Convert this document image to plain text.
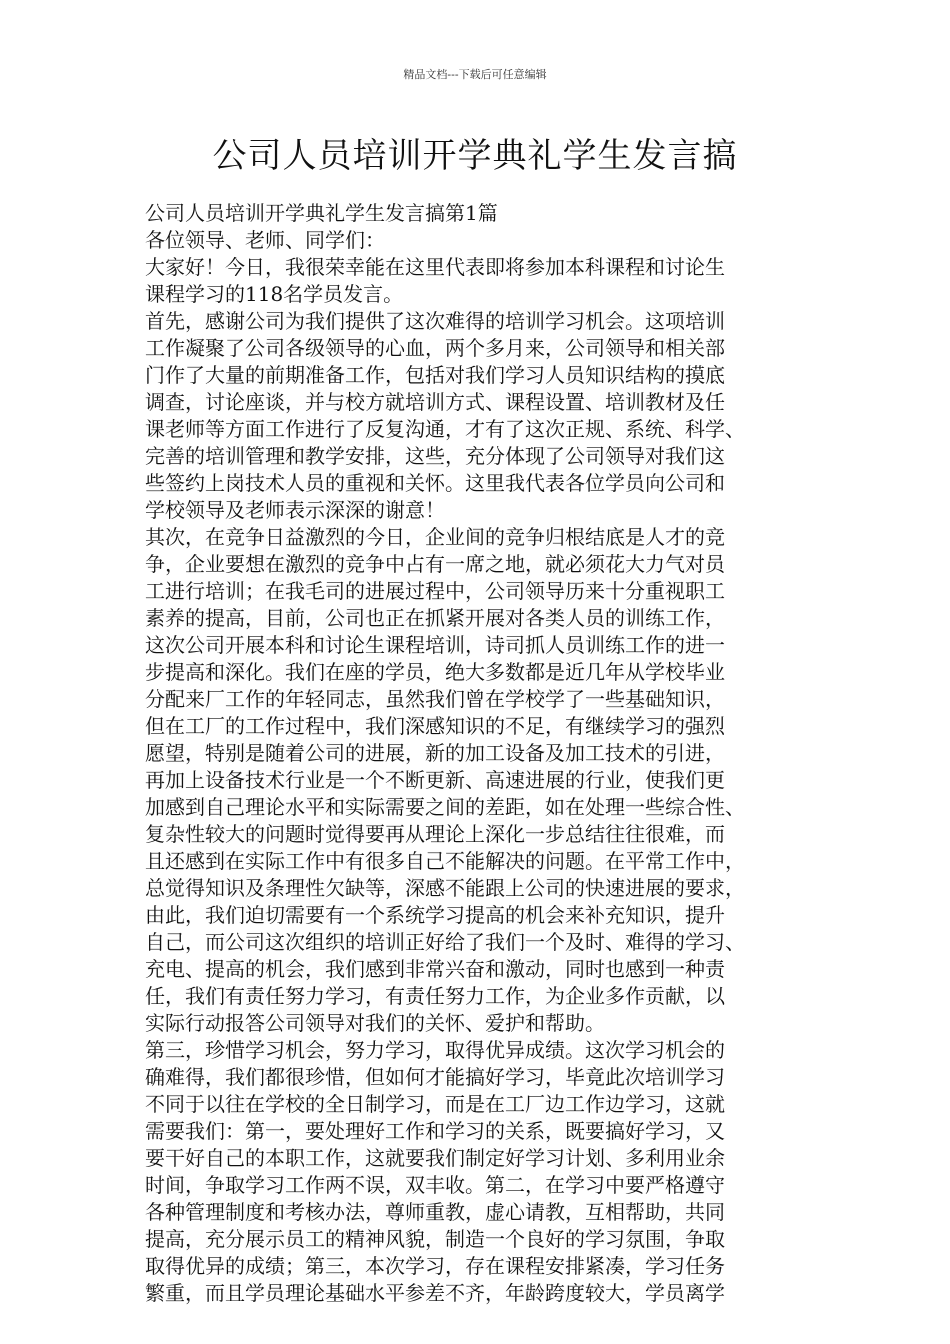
精品文档---下载后可任意编辑
公司人员培训开学典礼学生发言搞
公司人员培训开学典礼学生发言搞第1篇
各位领导、老师、同学们：
大家好！今日，我很荣幸能在这里代表即将参加本科课程和讨论生
课程学习的118名学员发言。
首先，感谢公司为我们提供了这次难得的培训学习机会。这项培训
工作凝聚了公司各级领导的心血，两个多月来，公司领导和相关部
门作了大量的前期准备工作，包括对我们学习人员知识结构的摸底
调查，讨论座谈，并与校方就培训方式、课程设置、培训教材及任
课老师等方面工作进行了反复沟通，才有了这次正规、系统、科学、
完善的培训管理和教学安排，这些，充分体现了公司领导对我们这
些签约上岗技术人员的重视和关怀。这里我代表各位学员向公司和
学校领导及老师表示深深的谢意！
其次，在竞争日益激烈的今日，企业间的竞争归根结底是人才的竞
争，企业要想在激烈的竞争中占有一席之地，就必须花大力气对员
工进行培训；在我毛司的进展过程中，公司领导历来十分重视职工
素养的提高，目前，公司也正在抓紧开展对各类人员的训练工作，
这次公司开展本科和讨论生课程培训，诗司抓人员训练工作的进一
步提高和深化。我们在座的学员，绝大多数都是近几年从学校毕业
分配来厂工作的年轻同志，虽然我们曾在学校学了一些基础知识，
但在工厂的工作过程中，我们深感知识的不足，有继续学习的强烈
愿望，特别是随着公司的进展，新的加工设备及加工技术的引进，
再加上设备技术行业是一个不断更新、高速进展的行业，使我们更
加感到自己理论水平和实际需要之间的差距，如在处理一些综合性、
复杂性较大的问题时觉得要再从理论上深化一步总结往往很难，而
且还感到在实际工作中有很多自己不能解决的问题。在平常工作中，
总觉得知识及条理性欠缺等，深感不能跟上公司的快速进展的要求，
由此，我们迫切需要有一个系统学习提高的机会来补充知识，提升
自己，而公司这次组织的培训正好给了我们一个及时、难得的学习、
充电、提高的机会，我们感到非常兴奋和激动，同时也感到一种责
任，我们有责任努力学习，有责任努力工作，为企业多作贡献，以
实际行动报答公司领导对我们的关怀、爱护和帮助。
第三，珍惜学习机会，努力学习，取得优异成绩。这次学习机会的
确难得，我们都很珍惜，但如何才能搞好学习，毕竟此次培训学习
不同于以往在学校的全日制学习，而是在工厂边工作边学习，这就
需要我们：第一，要处理好工作和学习的关系，既要搞好学习，又
要干好自己的本职工作，这就要我们制定好学习计划、多利用业余
时间，争取学习工作两不误，双丰收。第二，在学习中要严格遵守
各种管理制度和考核办法，尊师重教，虚心请教，互相帮助，共同
提高，充分展示员工的精神风貌，制造一个良好的学习氛围，争取
取得优异的成绩；第三，本次学习，存在课程安排紧凑，学习任务
繁重，而且学员理论基础水平参差不齐，年龄跨度较大，学员离学
